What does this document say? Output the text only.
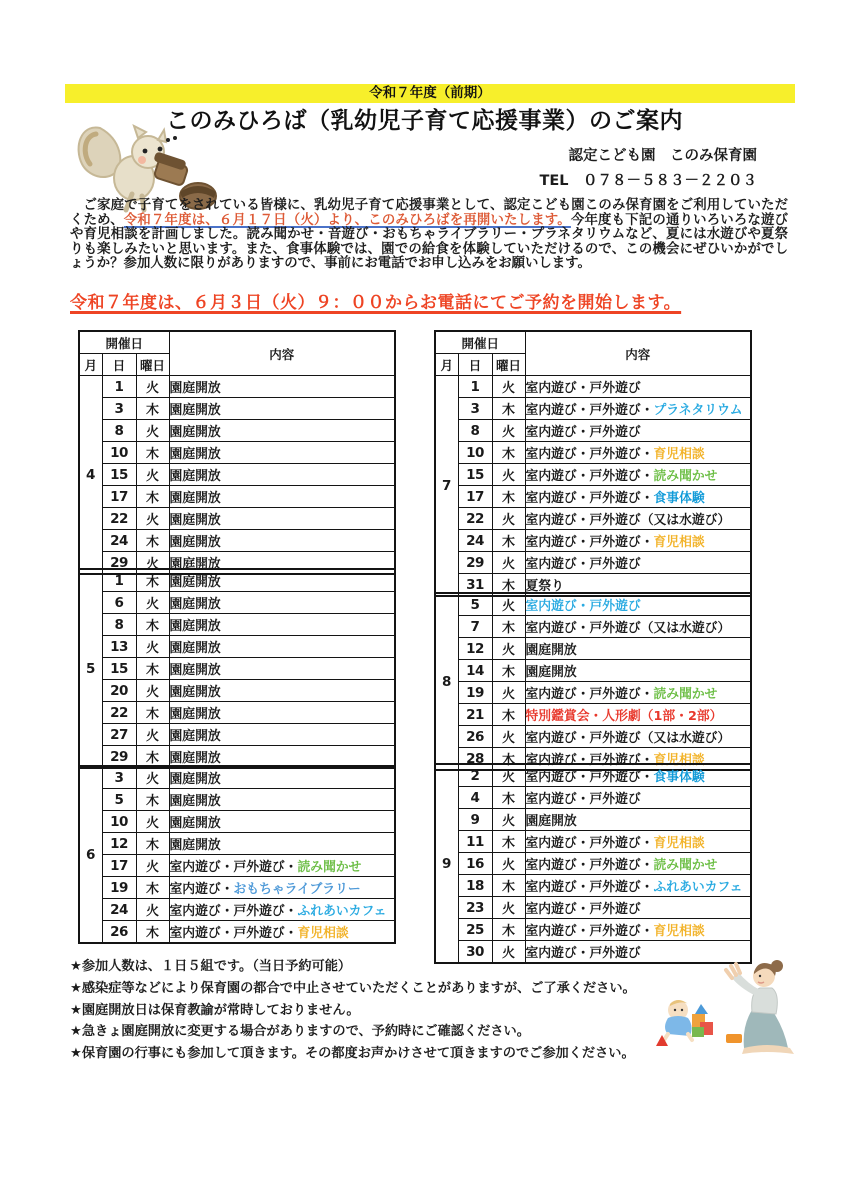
令和７年度（前期）
このみひろば（乳幼児子育て応援事業）のご案内
認定こども園　このみ保育園
TEL　０７８－５８３－２２０３
　ご家庭で子育てをされている皆様に、乳幼児子育て応援事業として、認定こども園このみ保育園をご利用していただくため、令和７年度は、６月１７日（火）より、このみひろばを再開いたします。今年度も下記の通りいろいろな遊びや育児相談を計画しました。読み聞かせ・音遊び・おもちゃライブラリー・プラネタリウムなど、夏には水遊びや夏祭りも楽しみたいと思います。また、食事体験では、園での給食を体験していただけるので、この機会にぜひいかがでしょうか？参加人数に限りがありますので、事前にお電話でお申し込みをお願いします。
令和７年度は、６月３日（火）９：００からお電話にてご予約を開始します。
開催日			内容
月	日	曜日	
4	1	火	園庭開放
	3	木	園庭開放
	8	火	園庭開放
	10	木	園庭開放
	15	火	園庭開放
	17	木	園庭開放
	22	火	園庭開放
	24	木	園庭開放
	29	火	園庭開放
5	1	木	園庭開放
	6	火	園庭開放
	8	木	園庭開放
	13	火	園庭開放
	15	木	園庭開放
	20	火	園庭開放
	22	木	園庭開放
	27	火	園庭開放
	29	木	園庭開放
6	3	火	園庭開放
	5	木	園庭開放
	10	火	園庭開放
	12	木	園庭開放
	17	火	室内遊び・戸外遊び・読み聞かせ
	19	木	室内遊び・おもちゃライブラリー
	24	火	室内遊び・戸外遊び・ふれあいカフェ
	26	木	室内遊び・戸外遊び・育児相談
開催日			内容
月	日	曜日	
7	1	火	室内遊び・戸外遊び
	3	木	室内遊び・戸外遊び・プラネタリウム
	8	火	室内遊び・戸外遊び
	10	木	室内遊び・戸外遊び・育児相談
	15	火	室内遊び・戸外遊び・読み聞かせ
	17	木	室内遊び・戸外遊び・食事体験
	22	火	室内遊び・戸外遊び（又は水遊び）
	24	木	室内遊び・戸外遊び・育児相談
	29	火	室内遊び・戸外遊び
	31	木	夏祭り
8	5	火	室内遊び・戸外遊び
	7	木	室内遊び・戸外遊び（又は水遊び）
	12	火	園庭開放
	14	木	園庭開放
	19	火	室内遊び・戸外遊び・読み聞かせ
	21	木	特別鑑賞会・人形劇（1部・2部）
	26	火	室内遊び・戸外遊び（又は水遊び）
	28	木	室内遊び・戸外遊び・育児相談
9	2	火	室内遊び・戸外遊び・食事体験
	4	木	室内遊び・戸外遊び
	9	火	園庭開放
	11	木	室内遊び・戸外遊び・育児相談
	16	火	室内遊び・戸外遊び・読み聞かせ
	18	木	室内遊び・戸外遊び・ふれあいカフェ
	23	火	室内遊び・戸外遊び
	25	木	室内遊び・戸外遊び・育児相談
	30	火	室内遊び・戸外遊び
★参加人数は、１日５組です。（当日予約可能）
★感染症等などにより保育園の都合で中止させていただくことがありますが、ご了承ください。
★園庭開放日は保育教諭が常時しておりません。
★急きょ園庭開放に変更する場合がありますので、予約時にご確認ください。
★保育園の行事にも参加して頂きます。その都度お声かけさせて頂きますのでご参加ください。
